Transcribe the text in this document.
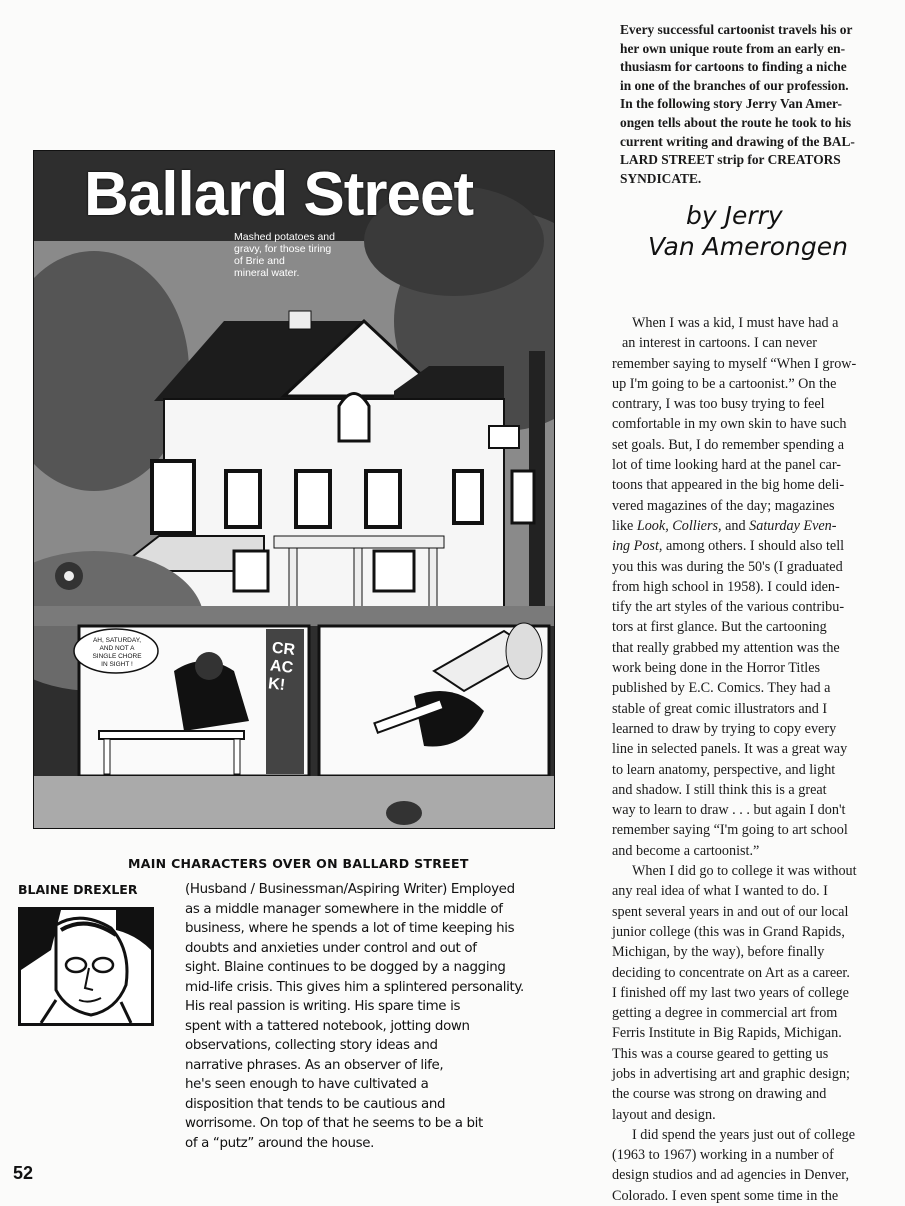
Every successful cartoonist travels his or
her own unique route from an early en-
thusiasm for cartoons to finding a niche
in one of the branches of our profession.
In the following story Jerry Van Amer-
ongen tells about the route he took to his
current writing and drawing of the BAL-
LARD STREET strip for CREATORS
SYNDICATE.
by Jerry
Van Amerongen
When I was a kid, I must have had a
an interest in cartoons. I can never
remember saying to myself “When I grow-
up I'm going to be a cartoonist.” On the
contrary, I was too busy trying to feel
comfortable in my own skin to have such
set goals. But, I do remember spending a
lot of time looking hard at the panel car-
toons that appeared in the big home deli-
vered magazines of the day; magazines
like Look, Colliers, and Saturday Even-
ing Post, among others. I should also tell
you this was during the 50's (I graduated
from high school in 1958). I could iden-
tify the art styles of the various contribu-
tors at first glance. But the cartooning
that really grabbed my attention was the
work being done in the Horror Titles
published by E.C. Comics. They had a
stable of great comic illustrators and I
learned to draw by trying to copy every
line in selected panels. It was a great way
to learn anatomy, perspective, and light
and shadow. I still think this is a great
way to learn to draw . . . but again I don't
remember saying “I'm going to art school
and become a cartoonist.”
When I did go to college it was without
any real idea of what I wanted to do. I
spent several years in and out of our local
junior college (this was in Grand Rapids,
Michigan, by the way), before finally
deciding to concentrate on Art as a career.
I finished off my last two years of college
getting a degree in commercial art from
Ferris Institute in Big Rapids, Michigan.
This was a course geared to getting us
jobs in advertising art and graphic design;
the course was strong on drawing and
layout and design.
I did spend the years just out of college
(1963 to 1967) working in a number of
design studios and ad agencies in Denver,
Colorado. I even spent some time in the
Ballard Street
Mashed potatoes and
gravy, for those tiring
of Brie and
mineral water.
AH, SATURDAY,
AND NOT A
SINGLE CHORE
IN SIGHT !
CRACK!
MAIN CHARACTERS OVER ON BALLARD STREET
BLAINE DREXLER	(Husband / Businessman/Aspiring Writer) Employed
as a middle manager somewhere in the middle of
business, where he spends a lot of time keeping his
doubts and anxieties under control and out of
sight. Blaine continues to be dogged by a nagging
mid-life crisis. This gives him a splintered personality.
His real passion is writing. His spare time is
spent with a tattered notebook, jotting down
observations, collecting story ideas and
narrative phrases. As an observer of life,
he's seen enough to have cultivated a
disposition that tends to be cautious and
worrisome. On top of that he seems to be a bit
of a “putz” around the house.
52
